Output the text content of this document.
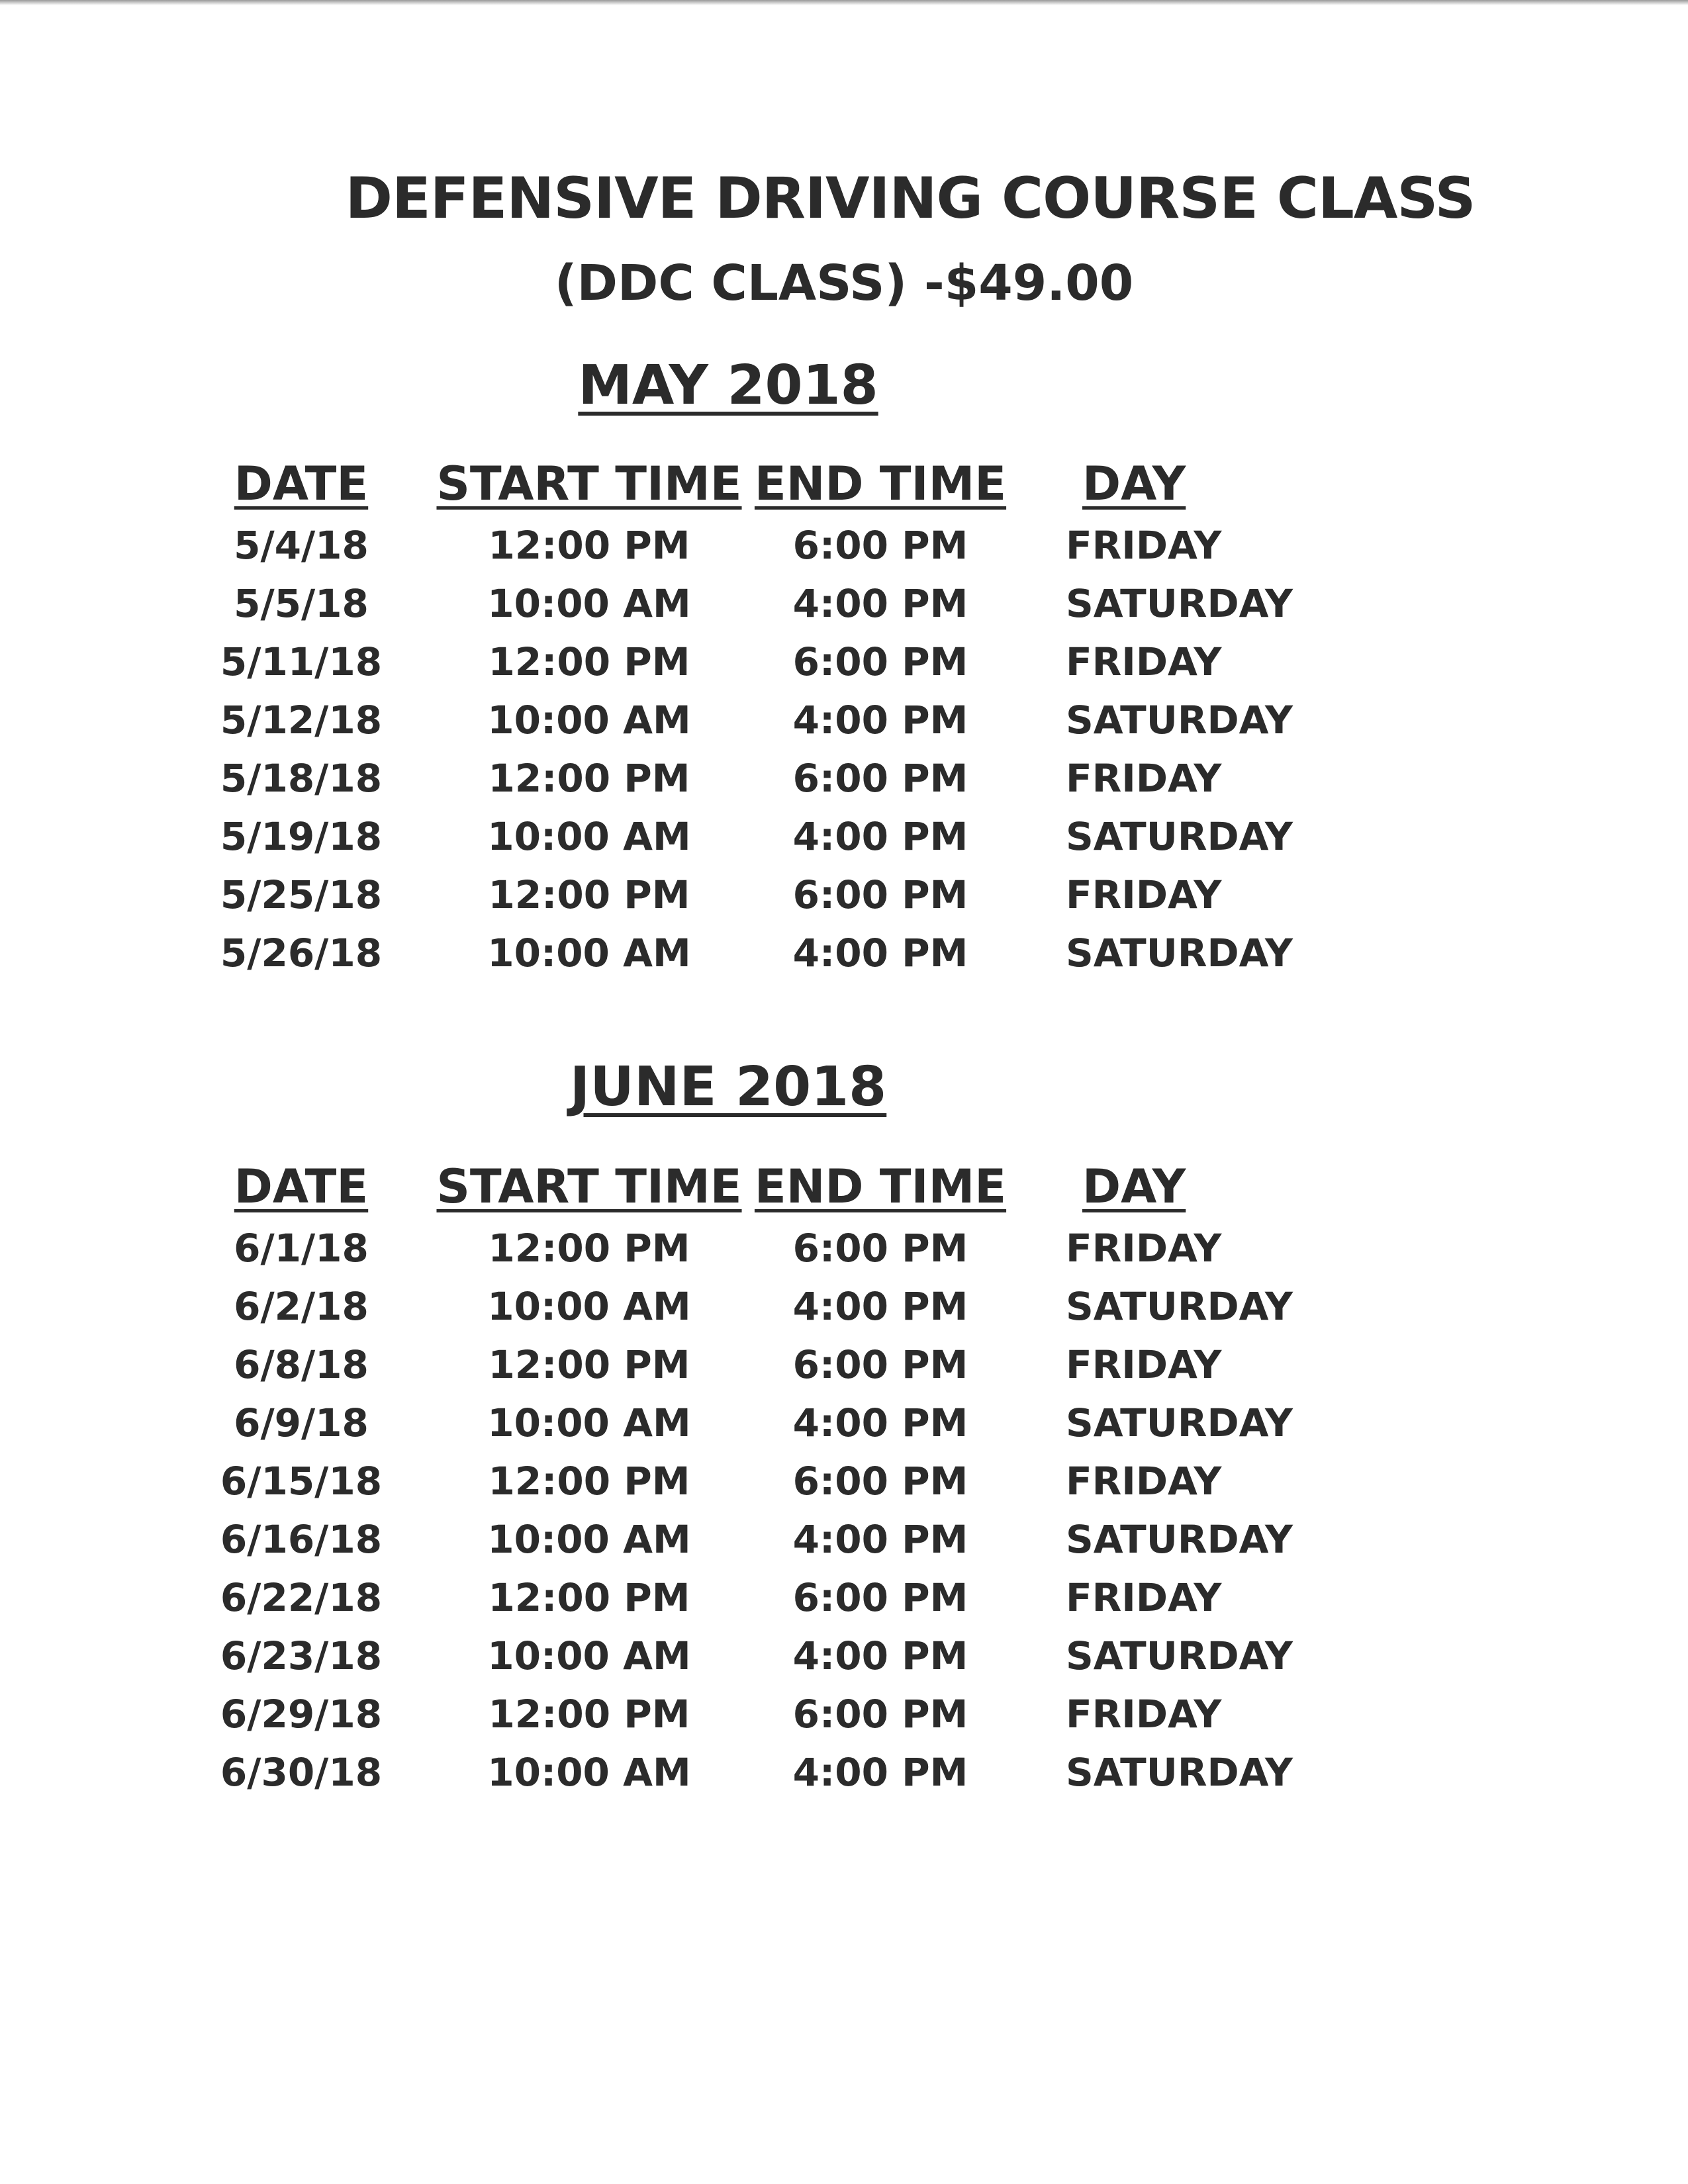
DEFENSIVE DRIVING COURSE CLASS
(DDC CLASS) -$49.00
MAY 2018
DATE	START TIME END TIME	DAY
5/4/18	12:00 PM	6:00 PM	FRIDAY
5/5/18	10:00 AM	4:00 PM	SATURDAY
5/11/18	12:00 PM	6:00 PM	FRIDAY
5/12/18	10:00 AM	4:00 PM	SATURDAY
5/18/18	12:00 PM	6:00 PM	FRIDAY
5/19/18	10:00 AM	4:00 PM	SATURDAY
5/25/18	12:00 PM	6:00 PM	FRIDAY
5/26/18	10:00 AM	4:00 PM	SATURDAY
JUNE 2018
DATE	START TIME END TIME	DAY
6/1/18	12:00 PM	6:00 PM	FRIDAY
6/2/18	10:00 AM	4:00 PM	SATURDAY
6/8/18	12:00 PM	6:00 PM	FRIDAY
6/9/18	10:00 AM	4:00 PM	SATURDAY
6/15/18	12:00 PM	6:00 PM	FRIDAY
6/16/18	10:00 AM	4:00 PM	SATURDAY
6/22/18	12:00 PM	6:00 PM	FRIDAY
6/23/18	10:00 AM	4:00 PM	SATURDAY
6/29/18	12:00 PM	6:00 PM	FRIDAY
6/30/18	10:00 AM	4:00 PM	SATURDAY
